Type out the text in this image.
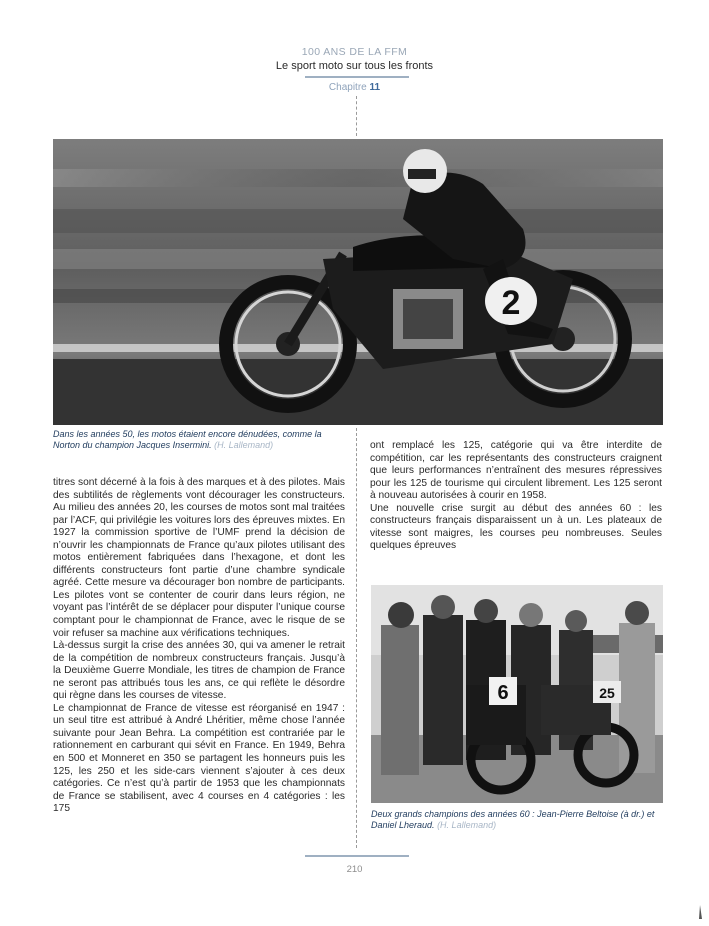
100 ANS DE LA FFM
Le sport moto sur tous les fronts
Chapitre 11
2
Dans les années 50, les motos étaient encore dénudées, comme la Norton du champion Jacques Insermini. (H. Lallemand)

titres sont décerné à la fois à des marques et à des pilotes. Mais des subtilités de règlements vont décourager les constructeurs. Au milieu des années 20, les courses de motos sont mal traitées par l’ACF, qui privilégie les voitures lors des épreuves mixtes. En 1927 la commission sportive de l’UMF prend la décision de n’ouvrir les championnats de France qu’aux pilotes utilisant des motos entièrement fabriquées dans l’hexagone, et dont les différents constructeurs font partie d’une chambre syndicale agréé. Cette mesure va décourager bon nombre de participants. Les pilotes vont se contenter de courir dans leurs région, ne voyant pas l’intérêt de se déplacer pour disputer l’unique course comptant pour le championnat de France, avec le risque de se voir refuser sa machine aux vérifications techniques.

Là-dessus surgit la crise des années 30, qui va amener le retrait de la compétition de nombreux constructeurs français. Jusqu’à la Deuxième Guerre Mondiale, les titres de champion de France ne seront pas attribués tous les ans, ce qui reflète le désordre qui règne dans les courses de vitesse.

Le championnat de France de vitesse est réorganisé en 1947 : un seul titre est attribué à André Lhéritier, même chose l’année suivante pour Jean Behra. La compétition est contrariée par le rationnement en carburant qui sévit en France. En 1949, Behra en 500 et Monneret en 350 se partagent les honneurs puis les 125, les 250 et les side-cars viennent s’ajouter à ces deux catégories. Ce n’est qu’à partir de 1953 que les championnats de France se stabilisent, avec 4 courses en 4 catégories : les 175

ont remplacé les 125, catégorie qui va être interdite de compétition, car les représentants des constructeurs craignent que leurs performances n’entraînent des mesures répressives pour les 125 de tourisme qui circulent librement. Les 125 seront à nouveau autorisées à courir en 1958.

Une nouvelle crise surgit au début des années 60 : les constructeurs français disparaissent un à un. Les plateaux de vitesse sont maigres, les courses peu nombreuses. Seules quelques épreuves

6	25
Deux grands champions des années 60 : Jean-Pierre Beltoise (à dr.) et Daniel Lheraud. (H. Lallemand)
210
